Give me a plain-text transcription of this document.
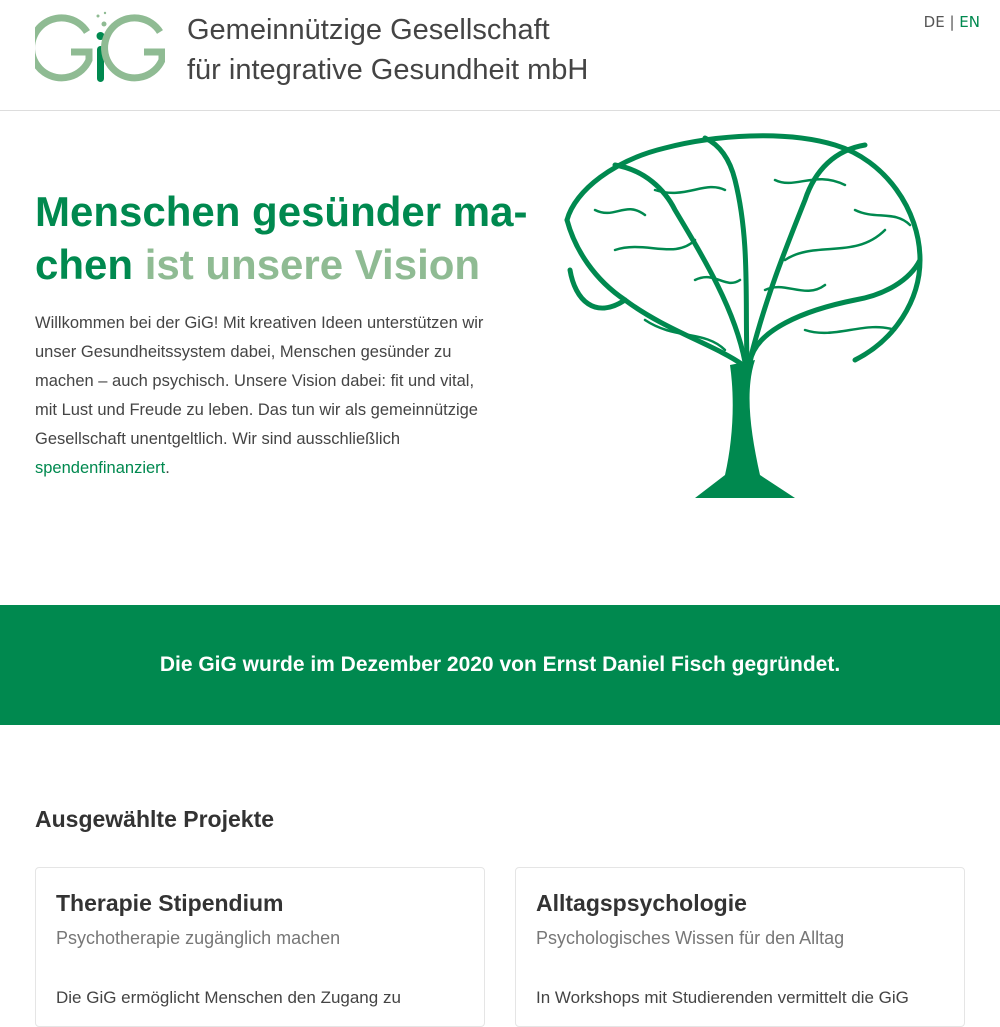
Gemeinnützige Gesellschaft
für integrative Gesundheit mbH
DE | EN
Menschen gesünder ma-chen ist unsere Vision

Willkommen bei der GiG! Mit kreativen Ideen unterstützen wir unser Gesundheitssystem dabei, Menschen gesünder zu machen – auch psychisch. Unsere Vision dabei: fit und vital, mit Lust und Freude zu leben. Das tun wir als gemeinnützige Gesellschaft unentgeltlich. Wir sind ausschließlich spendenfinanziert.

Die GiG wurde im Dezember 2020 von Ernst Daniel Fisch gegründet.
Ausgewählte Projekte
Therapie Stipendium
Psychotherapie zugänglich machen
Die GiG ermöglicht Menschen den Zugang zu
Alltagspsychologie
Psychologisches Wissen für den Alltag
In Workshops mit Studierenden vermittelt die GiG
